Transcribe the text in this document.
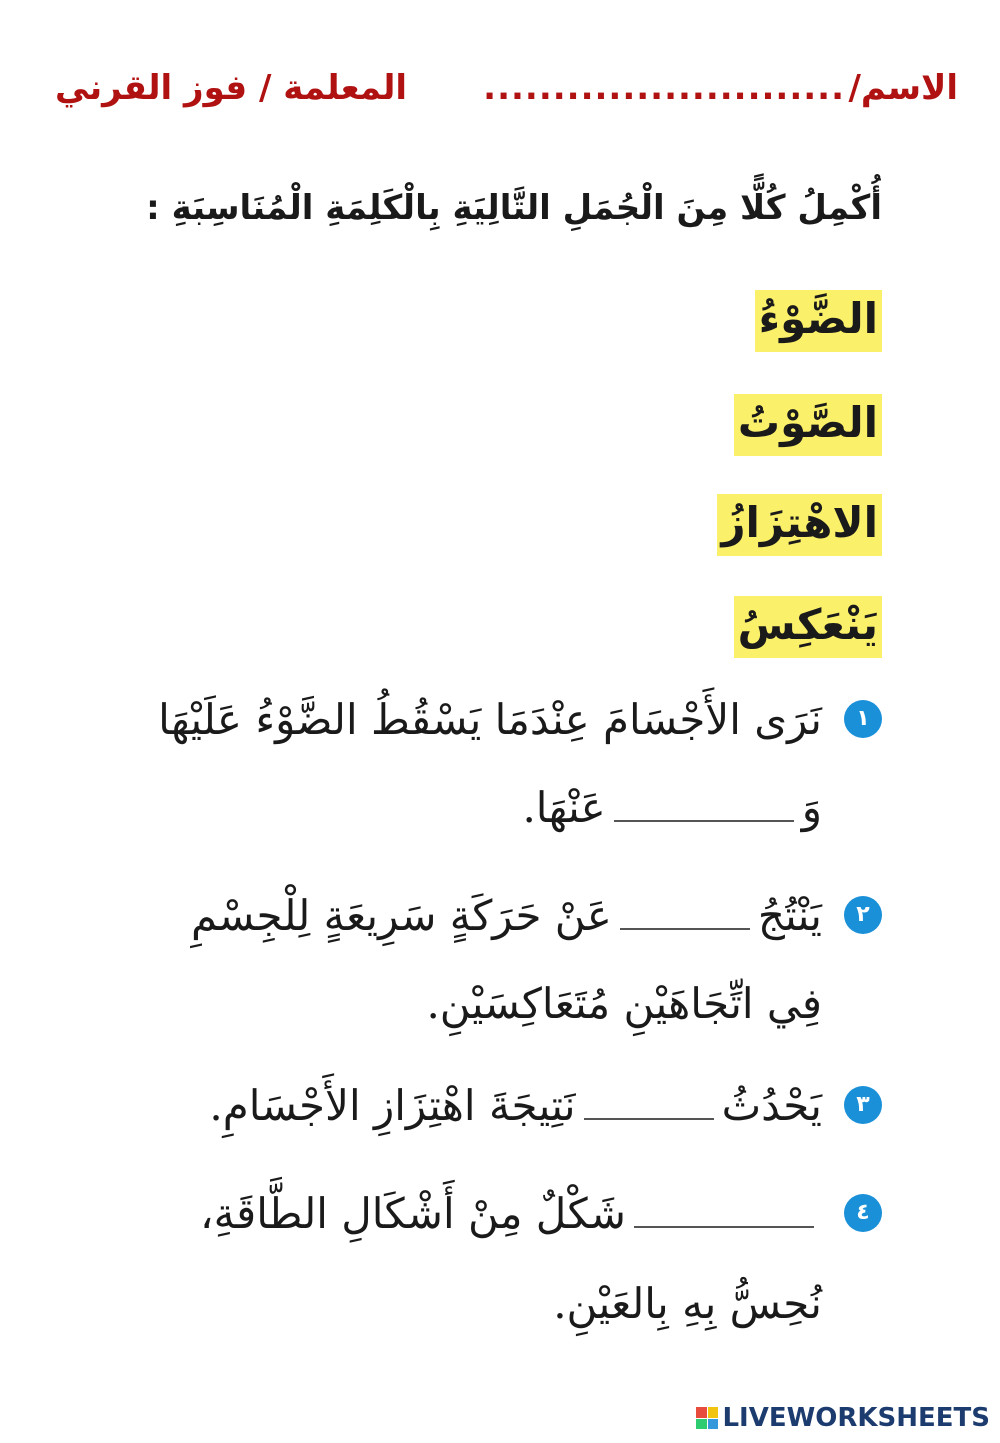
الاسم/
..........................
المعلمة / فوز القرني
أُكْمِلُ كُلًّا مِنَ الْجُمَلِ التَّالِيَةِ بِالْكَلِمَةِ الْمُنَاسِبَةِ :
الضَّوْءُ
الصَّوْتُ
الاهْتِزَازُ
يَنْعَكِسُ
١نَرَى الأَجْسَامَ عِنْدَمَا يَسْقُطُ الضَّوْءُ عَلَيْهَا
وَعَنْهَا.
٢يَنْتُجُعَنْ حَرَكَةٍ سَرِيعَةٍ لِلْجِسْمِ
فِي اتِّجَاهَيْنِ مُتَعَاكِسَيْنِ.
٣يَحْدُثُنَتِيجَةَ اهْتِزَازِ الأَجْسَامِ.
٤شَكْلٌ مِنْ أَشْكَالِ الطَّاقَةِ،
نُحِسُّ بِهِ بِالعَيْنِ.
LIVEWORKSHEETS
